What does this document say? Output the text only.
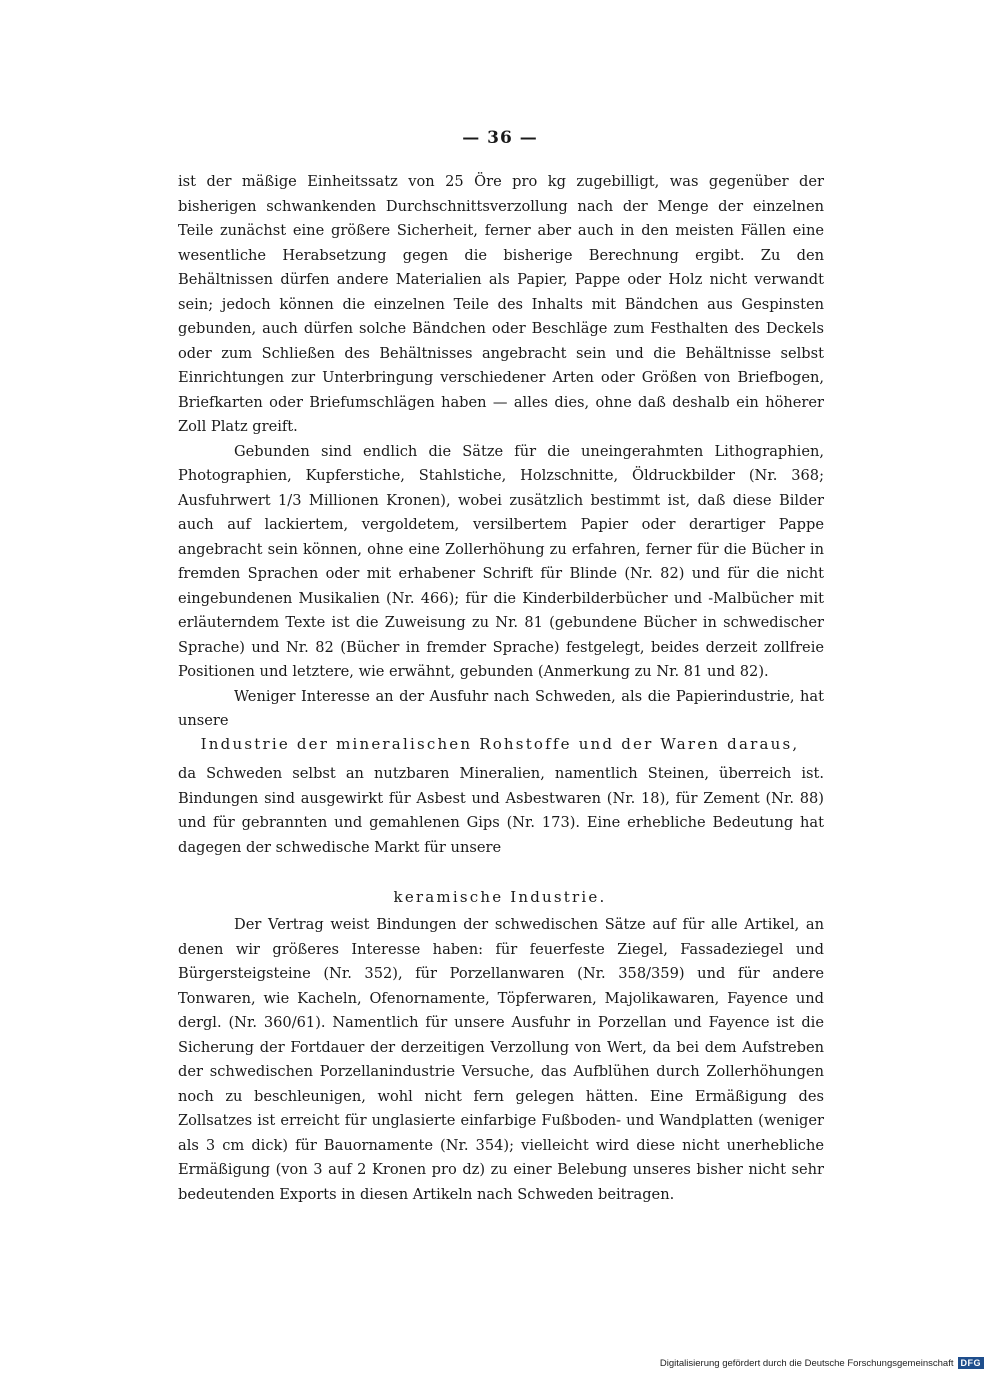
— 36 —

ist der mäßige Einheitssatz von 25 Öre pro kg zugebilligt, was gegenüber der bisherigen schwankenden Durchschnittsverzollung nach der Menge der einzelnen Teile zunächst eine größere Sicherheit, ferner aber auch in den meisten Fällen eine wesentliche Herabsetzung gegen die bisherige Berechnung ergibt. Zu den Behältnissen dürfen andere Materialien als Papier, Pappe oder Holz nicht verwandt sein; jedoch können die einzelnen Teile des Inhalts mit Bändchen aus Gespinsten gebunden, auch dürfen solche Bändchen oder Beschläge zum Festhalten des Deckels oder zum Schließen des Behältnisses angebracht sein und die Behältnisse selbst Einrichtungen zur Unterbringung verschiedener Arten oder Größen von Briefbogen, Briefkarten oder Briefumschlägen haben — alles dies, ohne daß deshalb ein höherer Zoll Platz greift.

Gebunden sind endlich die Sätze für die uneingerahmten Lithographien, Photographien, Kupferstiche, Stahlstiche, Holzschnitte, Öldruckbilder (Nr. 368; Ausfuhrwert 1/3 Millionen Kronen), wobei zusätzlich bestimmt ist, daß diese Bilder auch auf lackiertem, vergoldetem, versilbertem Papier oder derartiger Pappe angebracht sein können, ohne eine Zollerhöhung zu erfahren, ferner für die Bücher in fremden Sprachen oder mit erhabener Schrift für Blinde (Nr. 82) und für die nicht eingebundenen Musikalien (Nr. 466); für die Kinderbilderbücher und -Malbücher mit erläuterndem Texte ist die Zuweisung zu Nr. 81 (gebundene Bücher in schwedischer Sprache) und Nr. 82 (Bücher in fremder Sprache) festgelegt, beides derzeit zollfreie Positionen und letztere, wie erwähnt, gebunden (Anmerkung zu Nr. 81 und 82).

Weniger Interesse an der Ausfuhr nach Schweden, als die Papierindustrie, hat unsere

Industrie der mineralischen Rohstoffe und der Waren daraus,

da Schweden selbst an nutzbaren Mineralien, namentlich Steinen, überreich ist. Bindungen sind ausgewirkt für Asbest und Asbestwaren (Nr. 18), für Zement (Nr. 88) und für gebrannten und gemahlenen Gips (Nr. 173). Eine erhebliche Bedeutung hat dagegen der schwedische Markt für unsere

keramische Industrie.

Der Vertrag weist Bindungen der schwedischen Sätze auf für alle Artikel, an denen wir größeres Interesse haben: für feuerfeste Ziegel, Fassadeziegel und Bürgersteigsteine (Nr. 352), für Porzellanwaren (Nr. 358/359) und für andere Tonwaren, wie Kacheln, Ofenornamente, Töpferwaren, Majolikawaren, Fayence und dergl. (Nr. 360/61). Namentlich für unsere Ausfuhr in Porzellan und Fayence ist die Sicherung der Fortdauer der derzeitigen Verzollung von Wert, da bei dem Aufstreben der schwedischen Porzellanindustrie Versuche, das Aufblühen durch Zollerhöhungen noch zu beschleunigen, wohl nicht fern gelegen hätten. Eine Ermäßigung des Zollsatzes ist erreicht für unglasierte einfarbige Fußboden- und Wandplatten (weniger als 3 cm dick) für Bauornamente (Nr. 354); vielleicht wird diese nicht unerhebliche Ermäßigung (von 3 auf 2 Kronen pro dz) zu einer Belebung unseres bisher nicht sehr bedeutenden Exports in diesen Artikeln nach Schweden beitragen.

Digitalisierung gefördert durch die Deutsche Forschungsgemeinschaft DFG
